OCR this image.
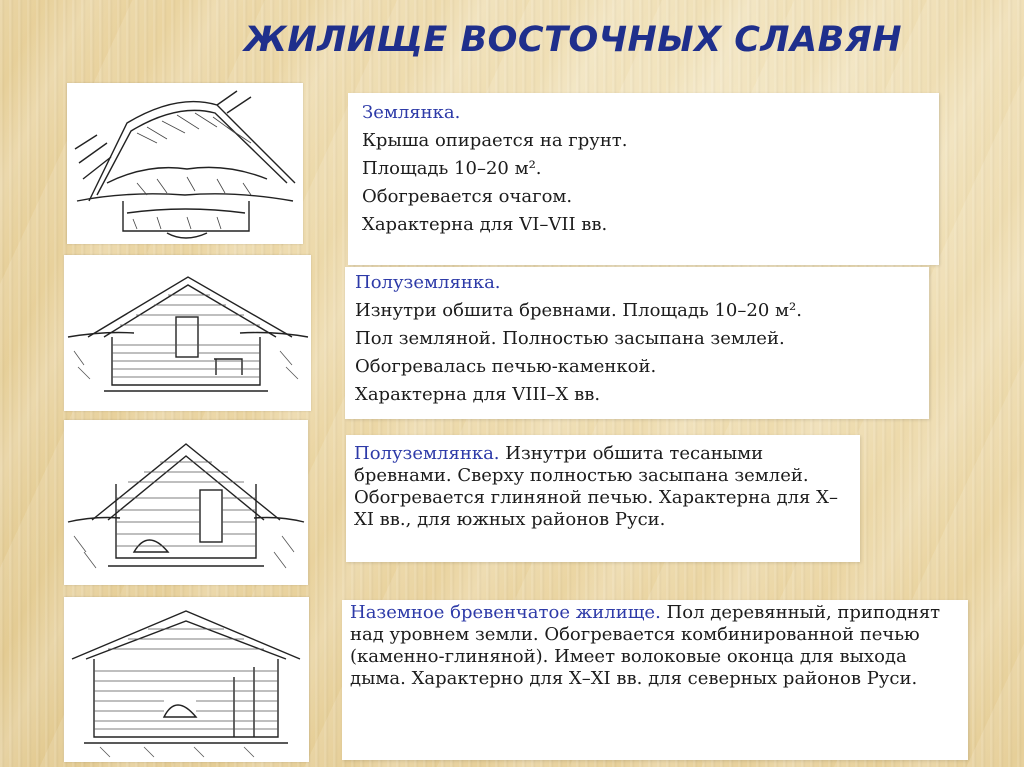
ЖИЛИЩЕ ВОСТОЧНЫХ СЛАВЯН
Землянка.
Крыша опирается на грунт.
Площадь 10–20 м².
Обогревается очагом.
Характерна для VI–VII вв.
Полуземлянка.
Изнутри обшита бревнами. Площадь 10–20 м².
Пол земляной. Полностью засыпана землей.
Обогревалась печью-каменкой.
Характерна для VIII–X вв.
Полуземлянка. Изнутри обшита тесаными бревнами. Сверху полностью засыпана землей. Обогревается глиняной печью. Характерна для X–XI вв., для южных районов Руси.
Наземное бревенчатое жилище. Пол деревянный, приподнят над уровнем земли. Обогревается комбинированной печью (каменно-глиняной). Имеет волоковые оконца для выхода дыма. Характерно для X–XI вв. для северных районов Руси.
